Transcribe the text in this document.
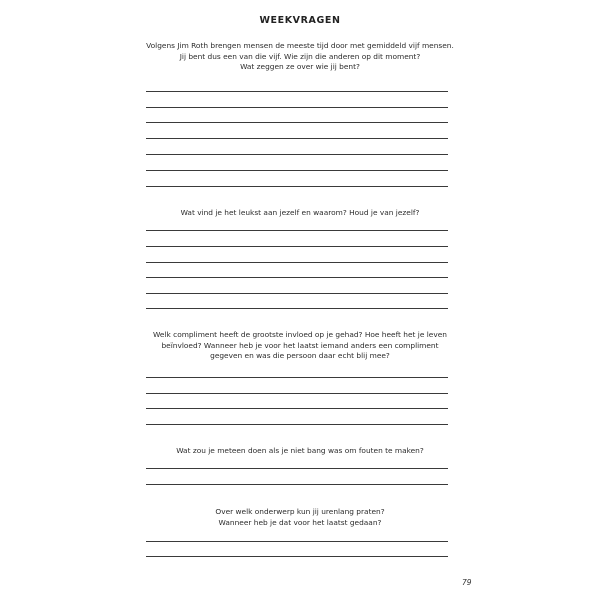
WEEKVRAGEN
Volgens Jim Roth brengen mensen de meeste tijd door met gemiddeld vijf mensen.
Jij bent dus een van die vijf. Wie zijn die anderen op dit moment?
Wat zeggen ze over wie jij bent?
Wat vind je het leukst aan jezelf en waarom? Houd je van jezelf?
Welk compliment heeft de grootste invloed op je gehad? Hoe heeft het je leven
beïnvloed? Wanneer heb je voor het laatst iemand anders een compliment
gegeven en was die persoon daar echt blij mee?
Wat zou je meteen doen als je niet bang was om fouten te maken?
Over welk onderwerp kun jij urenlang praten?
Wanneer heb je dat voor het laatst gedaan?
79
